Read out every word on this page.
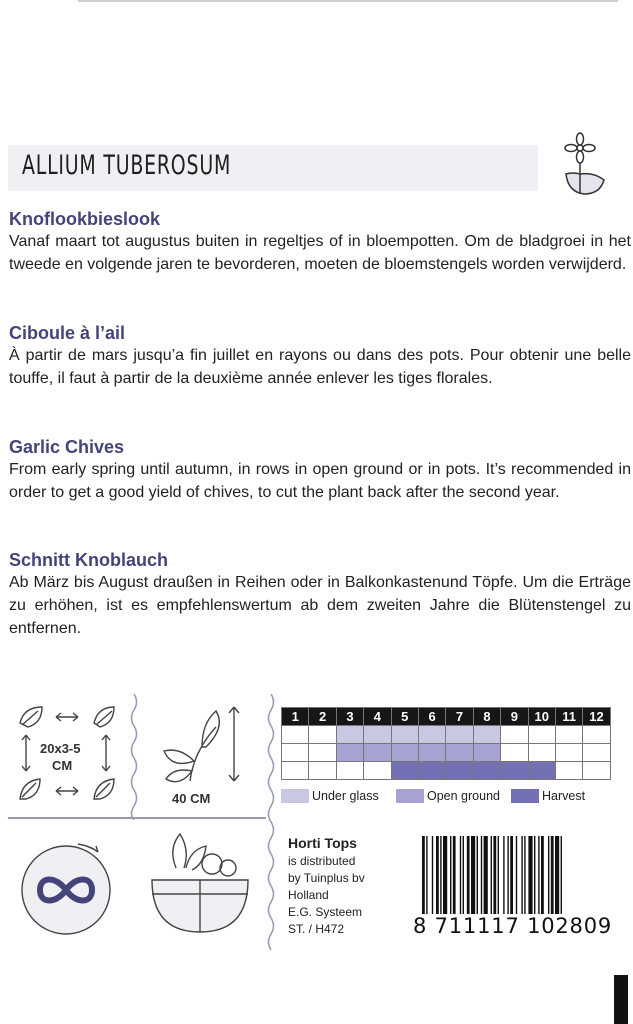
ALLIUM TUBEROSUM
Knoflookbieslook

Vanaf maart tot augustus buiten in regeltjes of in bloempotten. Om de bladgroei in het tweede en volgende jaren te bevorderen, moeten de bloemstengels worden verwijderd.

Ciboule à l’ail

À partir de mars jusqu’a fin juillet en rayons ou dans des pots. Pour obtenir une belle touffe, il faut à partir de la deuxième année enlever les tiges florales.

Garlic Chives

From early spring until autumn, in rows in open ground or in pots. It’s recommended in order to get a good yield of chives, to cut the plant back after the second year.

Schnitt Knoblauch

Ab März bis August draußen in Reihen oder in Balkonkastenund Töpfe. Um die Erträge zu erhöhen, ist es empfehlenswertum ab dem zweiten Jahre die Blütenstengel zu entfernen.

20x3-5
CM
40 CM
1	2	3	4	5	6	7	8	9	10	11	12

Under glass	Open ground	Harvest
Horti Tops
is distributed
by Tuinplus bv
Holland
E.G. Systeem
ST. / H472	8 711117 102809
